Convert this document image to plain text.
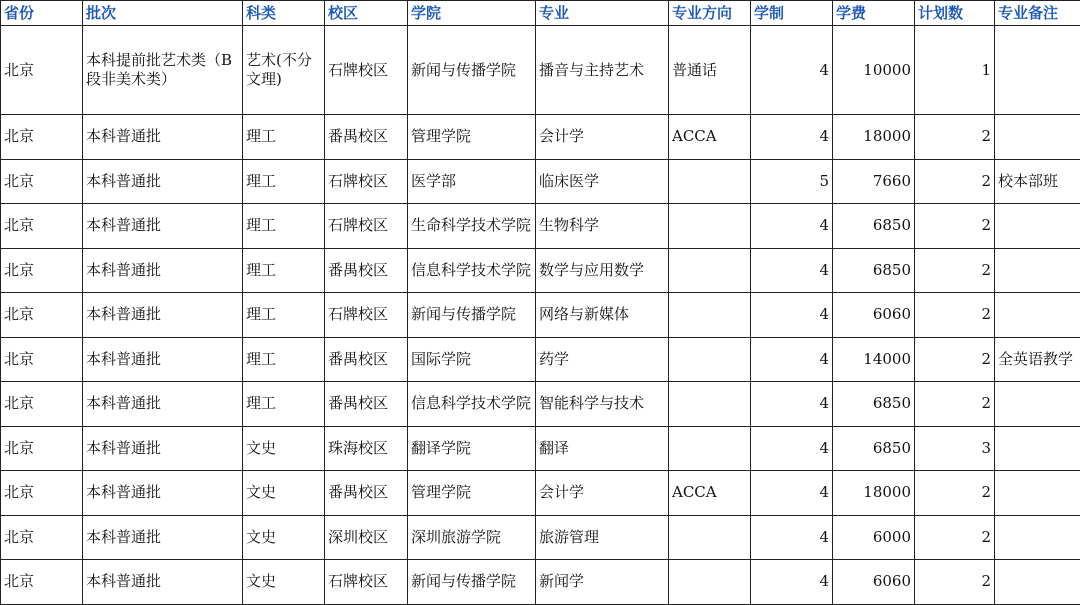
省份	批次	科类	校区	学院	专业	专业方向	学制	学费	计划数	专业备注
北京	本科提前批艺术类（B段非美术类）	艺术(不分文理)	石牌校区	新闻与传播学院	播音与主持艺术	普通话	4	10000	1	
北京	本科普通批	理工	番禺校区	管理学院	会计学	ACCA	4	18000	2	
北京	本科普通批	理工	石牌校区	医学部	临床医学		5	7660	2	校本部班
北京	本科普通批	理工	石牌校区	生命科学技术学院	生物科学		4	6850	2	
北京	本科普通批	理工	番禺校区	信息科学技术学院	数学与应用数学		4	6850	2	
北京	本科普通批	理工	石牌校区	新闻与传播学院	网络与新媒体		4	6060	2	
北京	本科普通批	理工	番禺校区	国际学院	药学		4	14000	2	全英语教学
北京	本科普通批	理工	番禺校区	信息科学技术学院	智能科学与技术		4	6850	2	
北京	本科普通批	文史	珠海校区	翻译学院	翻译		4	6850	3	
北京	本科普通批	文史	番禺校区	管理学院	会计学	ACCA	4	18000	2	
北京	本科普通批	文史	深圳校区	深圳旅游学院	旅游管理		4	6000	2	
北京	本科普通批	文史	石牌校区	新闻与传播学院	新闻学		4	6060	2	
